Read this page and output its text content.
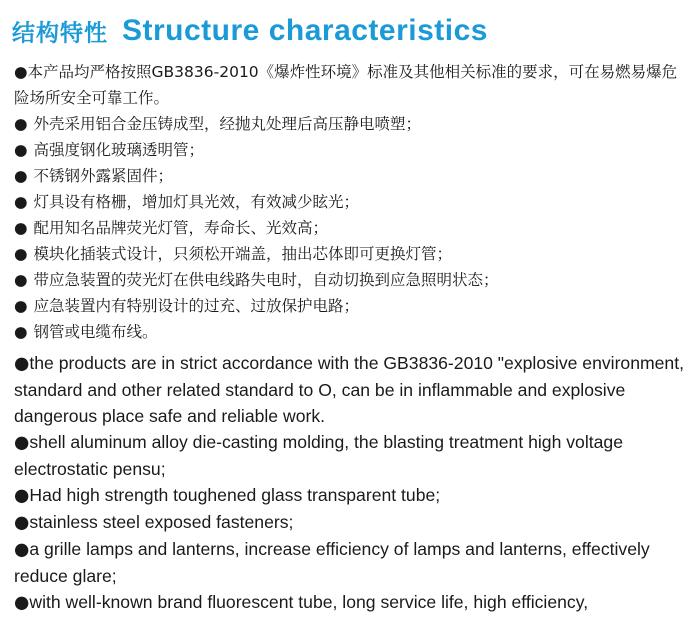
结构特性 Structure characteristics
●本产品均严格按照GB3836-2010《爆炸性环境》标准及其他相关标准的要求，可在易燃易爆危险场所安全可靠工作。
● 外壳采用铝合金压铸成型，经抛丸处理后高压静电喷塑；
● 高强度钢化玻璃透明管；
● 不锈钢外露紧固件；
● 灯具设有格栅，增加灯具光效，有效减少眩光；
● 配用知名品牌荧光灯管，寿命长、光效高；
● 模块化插装式设计，只须松开端盖，抽出芯体即可更换灯管；
● 带应急装置的荧光灯在供电线路失电时，自动切换到应急照明状态；
● 应急装置内有特别设计的过充、过放保护电路；
● 钢管或电缆布线。
●the products are in strict accordance with the GB3836-2010 "explosive environment, standard and other related standard to O, can be in inflammable and explosive dangerous place safe and reliable work.
●shell aluminum alloy die-casting molding, the blasting treatment high voltage electrostatic pensu;
●Had high strength toughened glass transparent tube;
●stainless steel exposed fasteners;
●a grille lamps and lanterns, increase efficiency of lamps and lanterns, effectively reduce glare;
●with well-known brand fluorescent tube, long service life, high efficiency,
